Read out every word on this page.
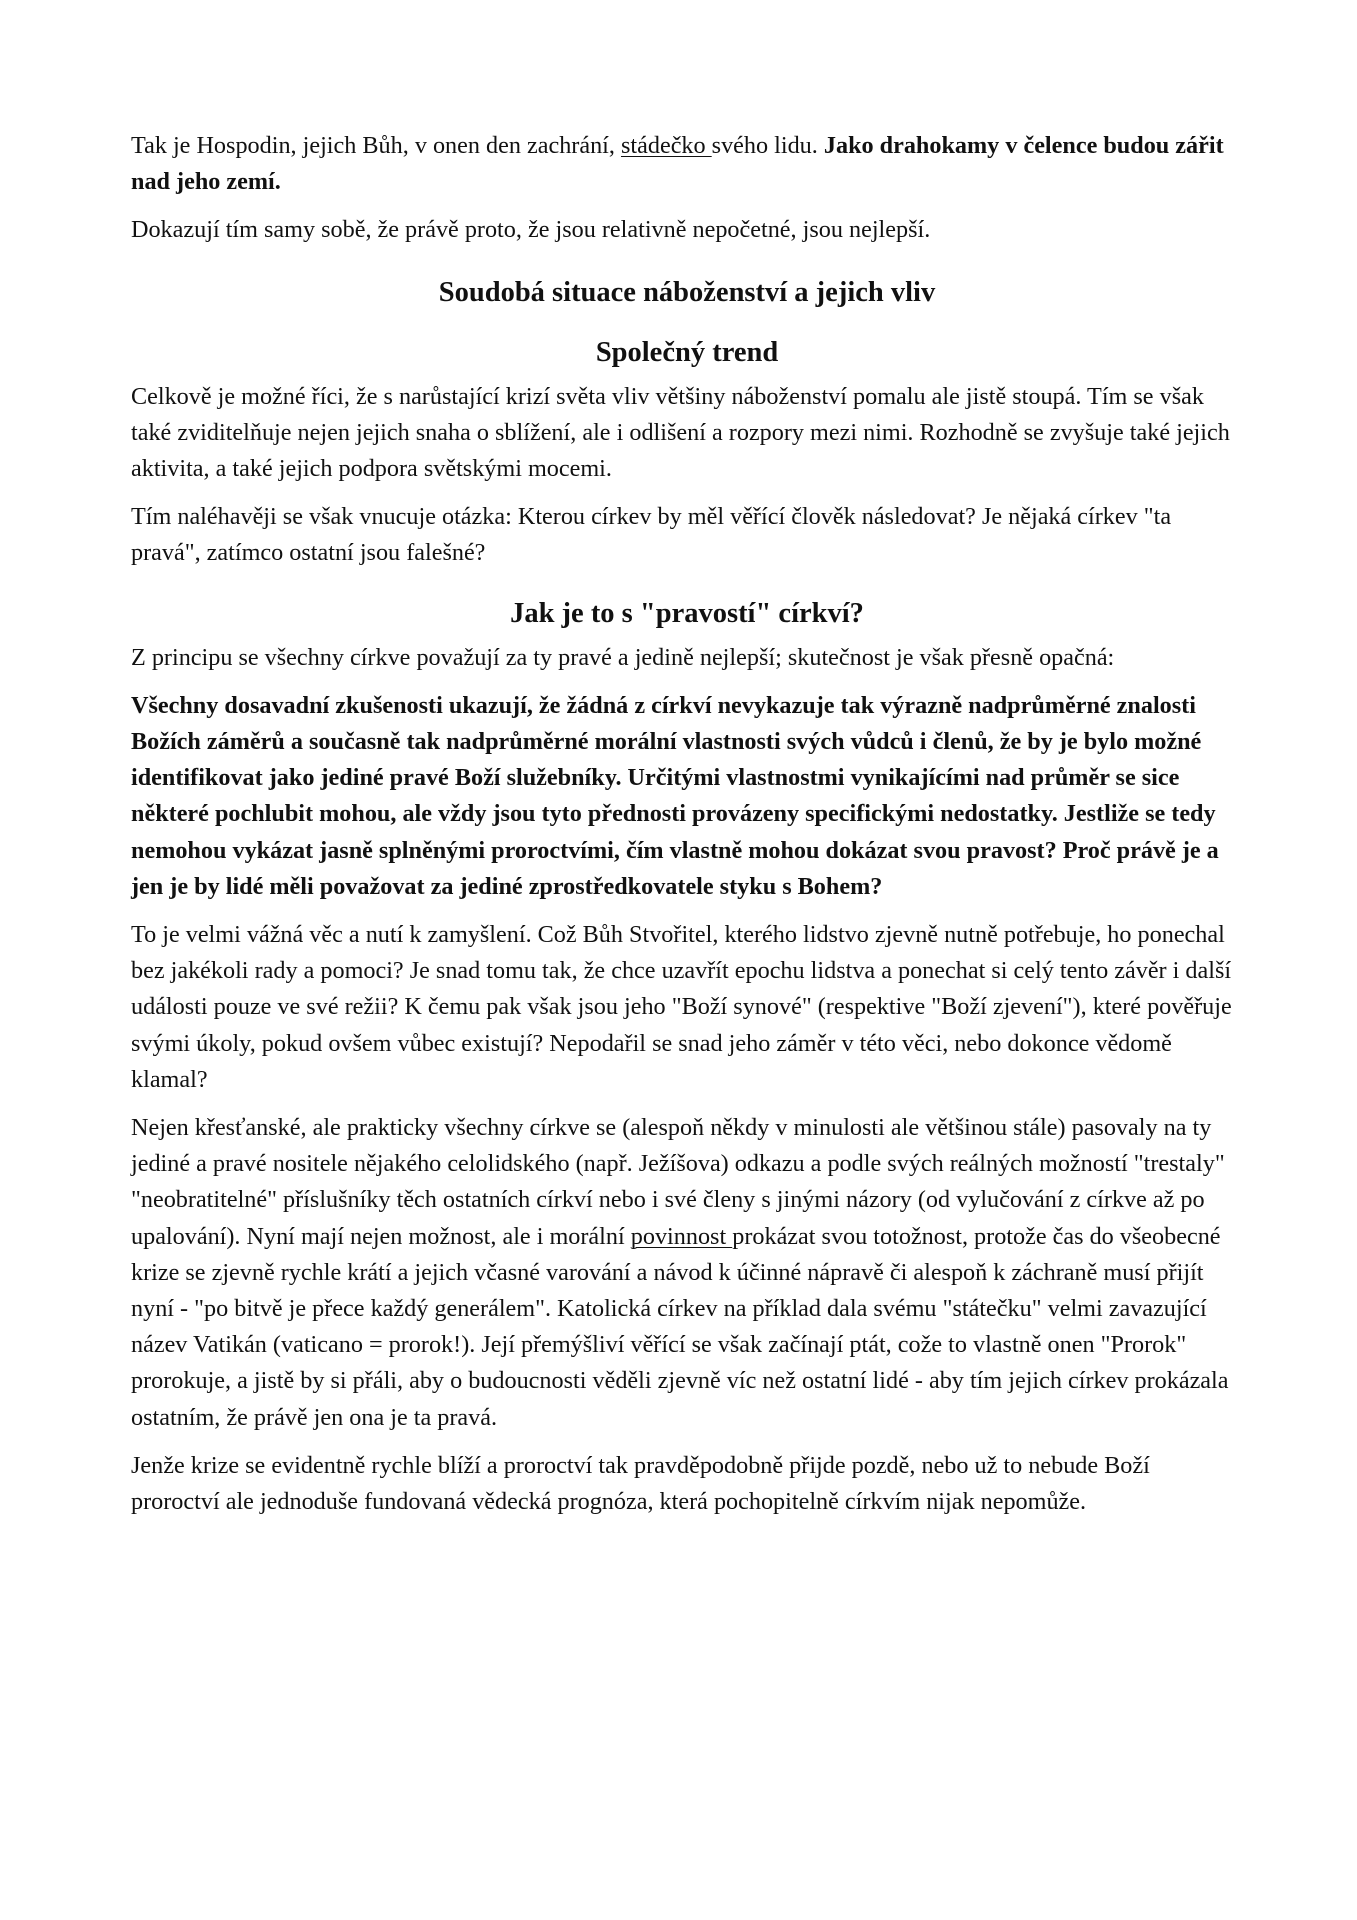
Tak je Hospodin, jejich Bůh, v onen den zachrání, stádečko svého lidu. Jako drahokamy v čelence budou zářit nad jeho zemí.

Dokazují tím samy sobě, že právě proto, že jsou relativně nepočetné, jsou nejlepší.

Soudobá situace náboženství a jejich vliv
Společný trend

Celkově je možné říci, že s narůstající krizí světa vliv většiny náboženství pomalu ale jistě stoupá. Tím se však také zviditelňuje nejen jejich snaha o sblížení, ale i odlišení a rozpory mezi nimi. Rozhodně se zvyšuje také jejich aktivita, a také jejich podpora světskými mocemi.

Tím naléhavěji se však vnucuje otázka: Kterou církev by měl věřící člověk následovat? Je nějaká církev "ta pravá", zatímco ostatní jsou falešné?

Jak je to s "pravostí" církví?

Z principu se všechny církve považují za ty pravé a jedině nejlepší; skutečnost je však přesně opačná:

Všechny dosavadní zkušenosti ukazují, že žádná z církví nevykazuje tak výrazně nadprůměrné znalosti Božích záměrů a současně tak nadprůměrné morální vlastnosti svých vůdců i členů, že by je bylo možné identifikovat jako jediné pravé Boží služebníky. Určitými vlastnostmi vynikajícími nad průměr se sice některé pochlubit mohou, ale vždy jsou tyto přednosti provázeny specifickými nedostatky. Jestliže se tedy nemohou vykázat jasně splněnými proroctvími, čím vlastně mohou dokázat svou pravost? Proč právě je a jen je by lidé měli považovat za jediné zprostředkovatele styku s Bohem?

To je velmi vážná věc a nutí k zamyšlení. Což Bůh Stvořitel, kterého lidstvo zjevně nutně potřebuje, ho ponechal bez jakékoli rady a pomoci? Je snad tomu tak, že chce uzavřít epochu lidstva a ponechat si celý tento závěr i další události pouze ve své režii? K čemu pak však jsou jeho "Boží synové" (respektive "Boží zjevení"), které pověřuje svými úkoly, pokud ovšem vůbec existují? Nepodařil se snad jeho záměr v této věci, nebo dokonce vědomě klamal?

Nejen křesťanské, ale prakticky všechny církve se (alespoň někdy v minulosti ale většinou stále) pasovaly na ty jediné a pravé nositele nějakého celolidského (např. Ježíšova) odkazu a podle svých reálných možností "trestaly" "neobratitelné" příslušníky těch ostatních církví nebo i své členy s jinými názory (od vylučování z církve až po upalování). Nyní mají nejen možnost, ale i morální povinnost prokázat svou totožnost, protože čas do všeobecné krize se zjevně rychle krátí a jejich včasné varování a návod k účinné nápravě či alespoň k záchraně musí přijít nyní - "po bitvě je přece každý generálem". Katolická církev na příklad dala svému "státečku" velmi zavazující název Vatikán (vaticano = prorok!). Její přemýšliví věřící se však začínají ptát, cože to vlastně onen "Prorok" prorokuje, a jistě by si přáli, aby o budoucnosti věděli zjevně víc než ostatní lidé - aby tím jejich církev prokázala ostatním, že právě jen ona je ta pravá.

Jenže krize se evidentně rychle blíží a proroctví tak pravděpodobně přijde pozdě, nebo už to nebude Boží proroctví ale jednoduše fundovaná vědecká prognóza, která pochopitelně církvím nijak nepomůže.
